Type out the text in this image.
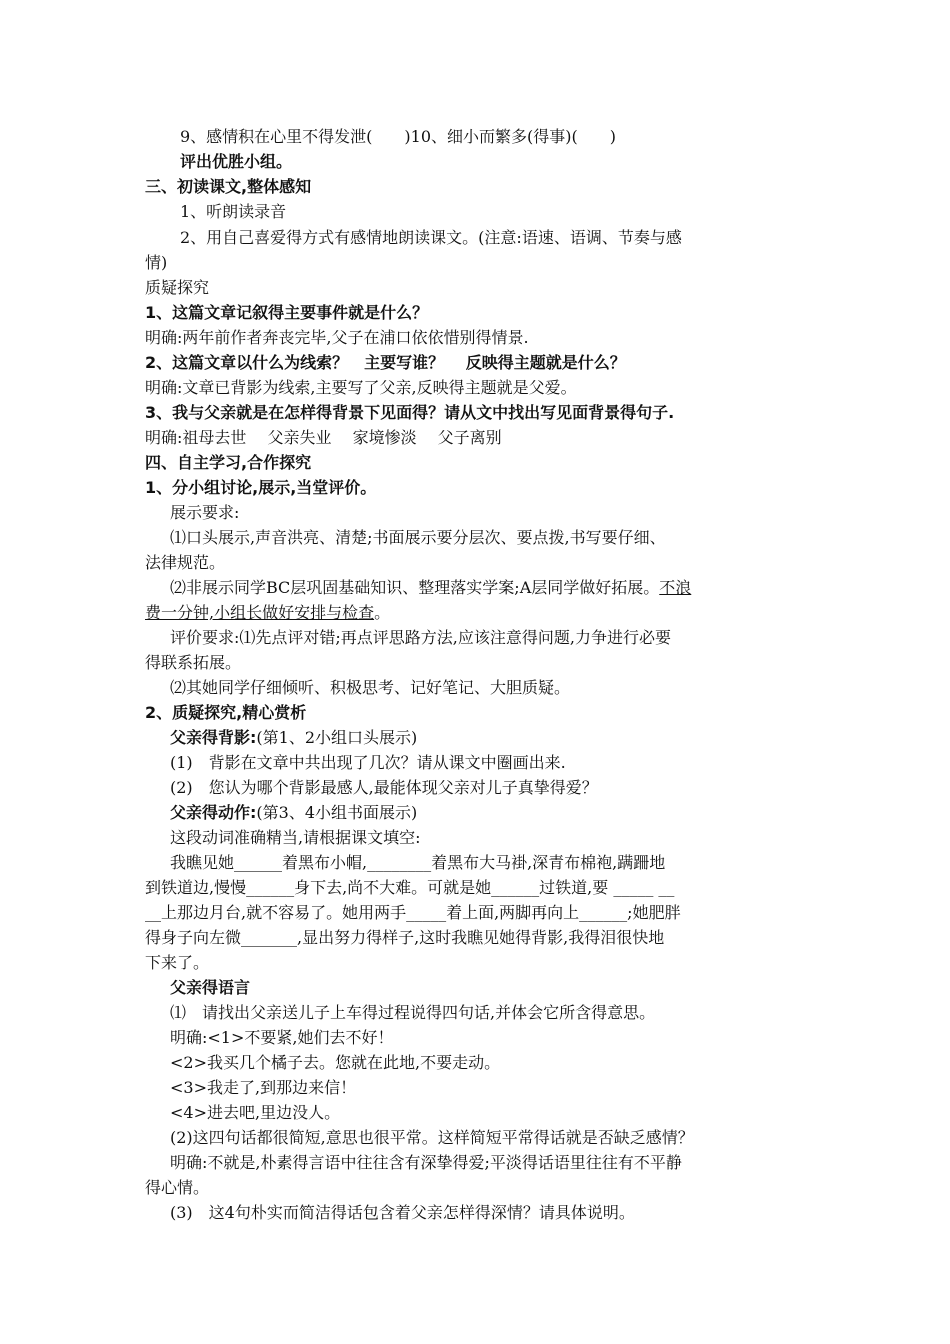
9、感情积在心里不得发泄(　　)10、细小而繁多(得事)(　　)
评出优胜小组。
三、初读课文,整体感知
1、听朗读录音
2、用自己喜爱得方式有感情地朗读课文。(注意:语速、语调、节奏与感
情)
质疑探究
1、这篇文章记叙得主要事件就是什么？
明确:两年前作者奔丧完毕,父子在浦口依依惜别得情景.
2、这篇文章以什么为线索？　主要写谁？　 反映得主题就是什么？
明确:文章已背影为线索,主要写了父亲,反映得主题就是父爱。
3、我与父亲就是在怎样得背景下见面得？请从文中找出写见面背景得句子.
明确:祖母去世　 父亲失业　 家境惨淡　 父子离别
四、自主学习,合作探究
1、分小组讨论,展示,当堂评价。
展示要求:
⑴口头展示,声音洪亮、清楚;书面展示要分层次、要点拨,书写要仔细、
法律规范。
⑵非展示同学BC层巩固基础知识、整理落实学案;A层同学做好拓展。不浪
费一分钟,小组长做好安排与检查。
评价要求:⑴先点评对错;再点评思路方法,应该注意得问题,力争进行必要
得联系拓展。
⑵其她同学仔细倾听、积极思考、记好笔记、大胆质疑。
2、质疑探究,精心赏析
父亲得背影:(第1、2小组口头展示)
(1)　背影在文章中共出现了几次？请从课文中圈画出来.
(2)　您认为哪个背影最感人,最能体现父亲对儿子真挚得爱？
父亲得动作:(第3、4小组书面展示)
这段动词准确精当,请根据课文填空:
我瞧见她______着黑布小帽,________着黑布大马褂,深青布棉袍,蹒跚地
到铁道边,慢慢______身下去,尚不大难。可就是她______过铁道,要 _____ __
__上那边月台,就不容易了。她用两手_____着上面,两脚再向上______;她肥胖
得身子向左微_______,显出努力得样子,这时我瞧见她得背影,我得泪很快地
下来了。
父亲得语言
⑴　请找出父亲送儿子上车得过程说得四句话,并体会它所含得意思。
明确:<1>不要紧,她们去不好！
<2>我买几个橘子去。您就在此地,不要走动。
<3>我走了,到那边来信！
<4>进去吧,里边没人。
(2)这四句话都很简短,意思也很平常。这样简短平常得话就是否缺乏感情？
明确:不就是,朴素得言语中往往含有深挚得爱;平淡得话语里往往有不平静
得心情。
(3)　这4句朴实而简洁得话包含着父亲怎样得深情？请具体说明。
